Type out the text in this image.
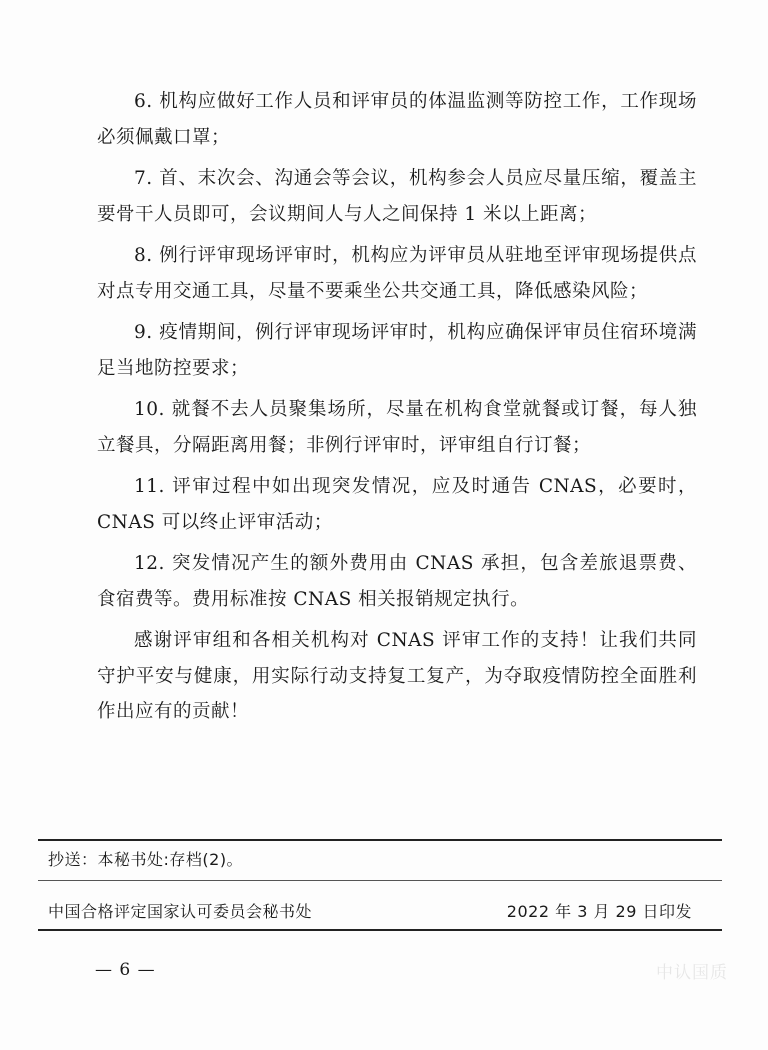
6. 机构应做好工作人员和评审员的体温监测等防控工作，工作现场必须佩戴口罩；

7. 首、末次会、沟通会等会议，机构参会人员应尽量压缩，覆盖主要骨干人员即可，会议期间人与人之间保持 1 米以上距离；

8. 例行评审现场评审时，机构应为评审员从驻地至评审现场提供点对点专用交通工具，尽量不要乘坐公共交通工具，降低感染风险；

9. 疫情期间，例行评审现场评审时，机构应确保评审员住宿环境满足当地防控要求；

10. 就餐不去人员聚集场所，尽量在机构食堂就餐或订餐，每人独立餐具，分隔距离用餐；非例行评审时，评审组自行订餐；

11. 评审过程中如出现突发情况，应及时通告 CNAS，必要时，CNAS 可以终止评审活动；

12. 突发情况产生的额外费用由 CNAS 承担，包含差旅退票费、食宿费等。费用标准按 CNAS 相关报销规定执行。

感谢评审组和各相关机构对 CNAS 评审工作的支持！让我们共同守护平安与健康，用实际行动支持复工复产，为夺取疫情防控全面胜利作出应有的贡献！

抄送：本秘书处:存档(2)。
中国合格评定国家认可委员会秘书处	2022 年 3 月 29 日印发
— 6 —	中认国质
